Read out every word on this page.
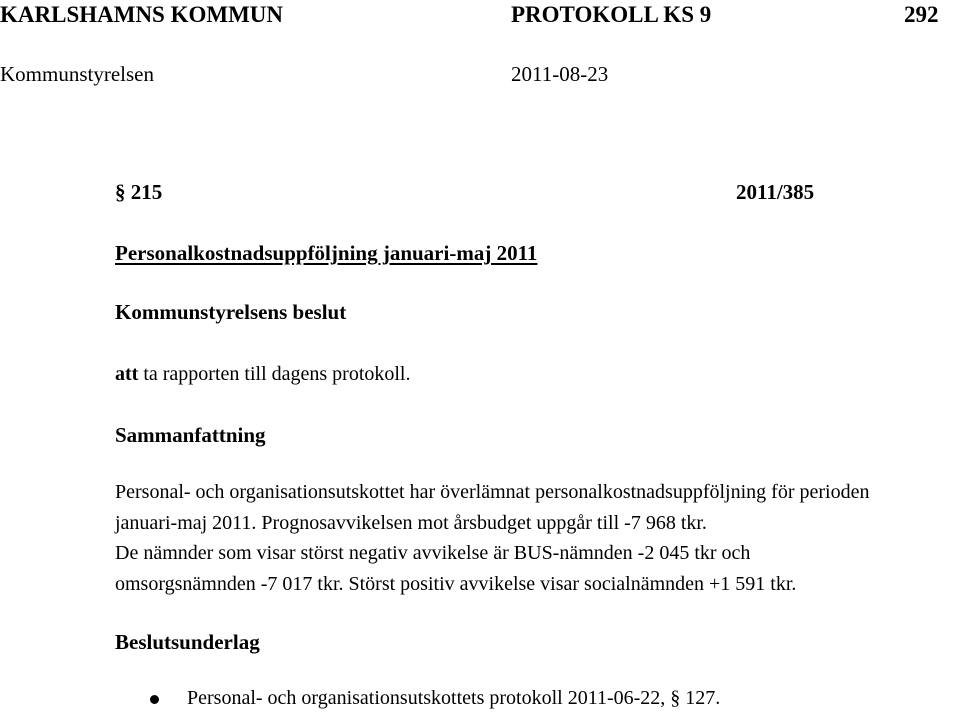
KARLSHAMNS KOMMUN	PROTOKOLL KS 9	292
Kommunstyrelsen	2011-08-23
§ 215	2011/385
Personalkostnadsuppföljning januari-maj 2011
Kommunstyrelsens beslut
att ta rapporten till dagens protokoll.
Sammanfattning
Personal- och organisationsutskottet har överlämnat personalkostnadsuppföljning för perioden
januari-maj 2011. Prognosavvikelsen mot årsbudget uppgår till -7 968 tkr.
De nämnder som visar störst negativ avvikelse är BUS-nämnden -2 045 tkr och
omsorgsnämnden -7 017 tkr. Störst positiv avvikelse visar socialnämnden +1 591 tkr.
Beslutsunderlag
Personal- och organisationsutskottets protokoll 2011-06-22, § 127.
